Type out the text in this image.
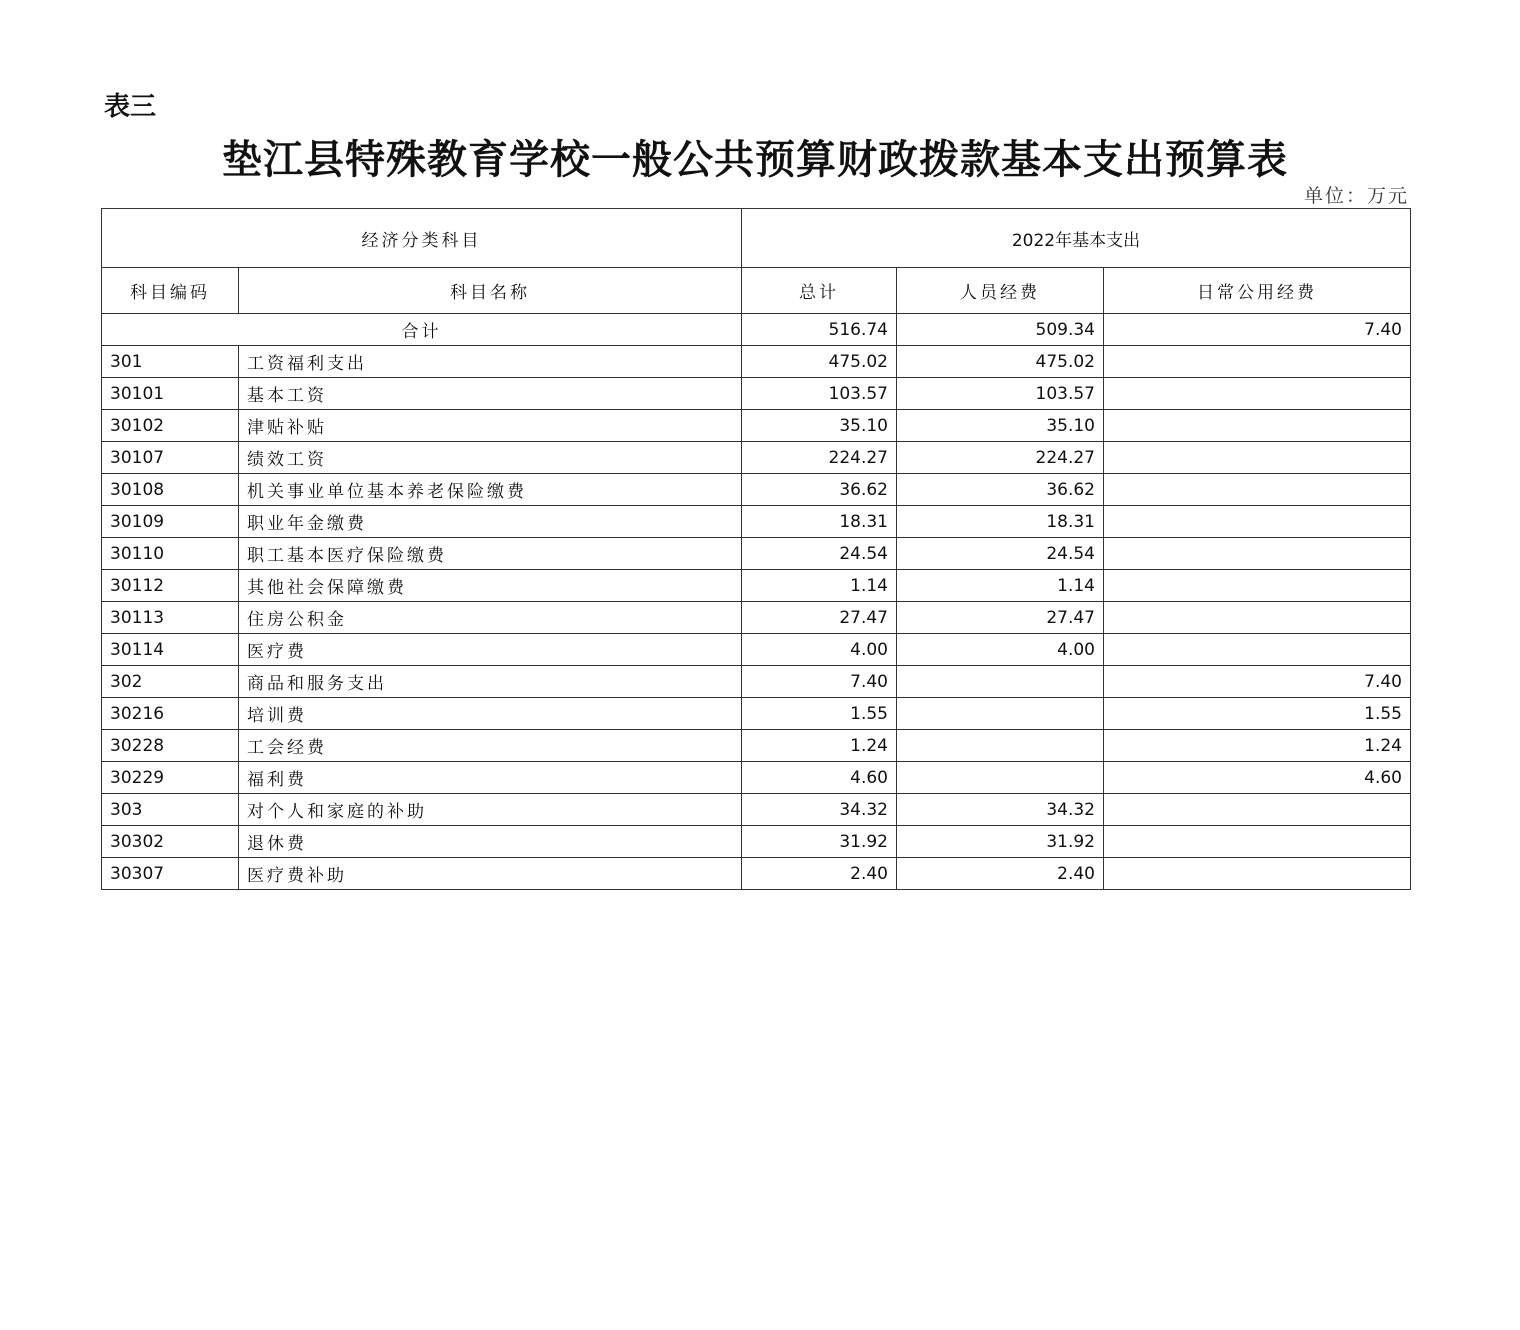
表三
垫江县特殊教育学校一般公共预算财政拨款基本支出预算表
单位：万元
经济分类科目		2022年基本支出		
科目编码	科目名称	总计	人员经费	日常公用经费
合计		516.74	509.34	7.40
301	工资福利支出	475.02	475.02	
30101	基本工资	103.57	103.57	
30102	津贴补贴	35.10	35.10	
30107	绩效工资	224.27	224.27	
30108	机关事业单位基本养老保险缴费	36.62	36.62	
30109	职业年金缴费	18.31	18.31	
30110	职工基本医疗保险缴费	24.54	24.54	
30112	其他社会保障缴费	1.14	1.14	
30113	住房公积金	27.47	27.47	
30114	医疗费	4.00	4.00	
302	商品和服务支出	7.40		7.40
30216	培训费	1.55		1.55
30228	工会经费	1.24		1.24
30229	福利费	4.60		4.60
303	对个人和家庭的补助	34.32	34.32	
30302	退休费	31.92	31.92	
30307	医疗费补助	2.40	2.40	
